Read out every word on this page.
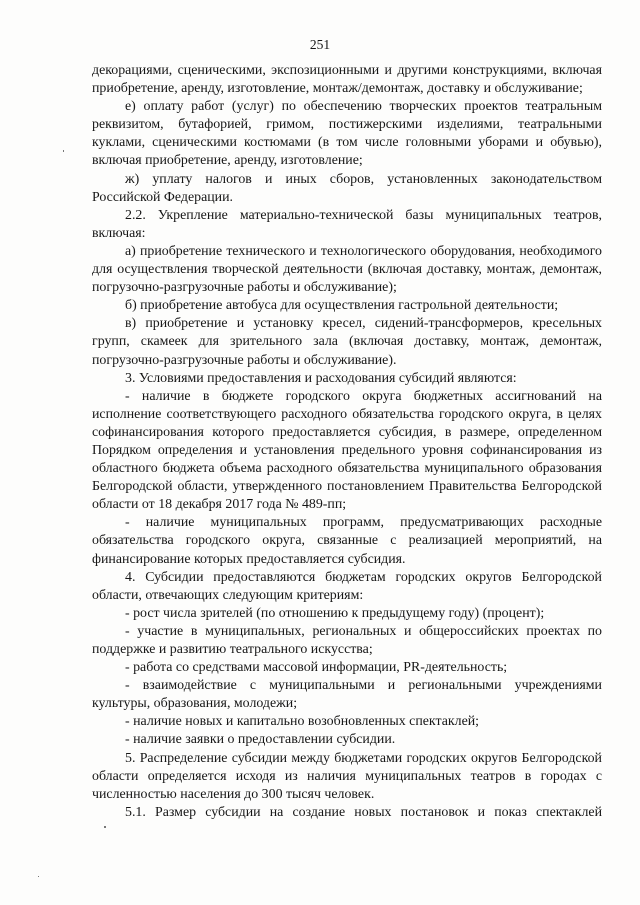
251

декорациями, сценическими, экспозиционными и другими конструкциями, включая приобретение, аренду, изготовление, монтаж/демонтаж, доставку и обслуживание;

е) оплату работ (услуг) по обеспечению творческих проектов театральным реквизитом, бутафорией, гримом, постижерскими изделиями, театральными куклами, сценическими костюмами (в том числе головными уборами и обувью), включая приобретение, аренду, изготовление;

ж) уплату налогов и иных сборов, установленных законодательством Российской Федерации.

2.2. Укрепление материально-технической базы муниципальных театров, включая:

а) приобретение технического и технологического оборудования, необходимого для осуществления творческой деятельности (включая доставку, монтаж, демонтаж, погрузочно-разгрузочные работы и обслуживание);

б) приобретение автобуса для осуществления гастрольной деятельности;

в) приобретение и установку кресел, сидений-трансформеров, кресельных групп, скамеек для зрительного зала (включая доставку, монтаж, демонтаж, погрузочно-разгрузочные работы и обслуживание).

3. Условиями предоставления и расходования субсидий являются:

- наличие в бюджете городского округа бюджетных ассигнований на исполнение соответствующего расходного обязательства городского округа, в целях софинансирования которого предоставляется субсидия, в размере, определенном Порядком определения и установления предельного уровня софинансирования из областного бюджета объема расходного обязательства муниципального образования Белгородской области, утвержденного постановлением Правительства Белгородской области от 18 декабря 2017 года № 489-пп;

- наличие муниципальных программ, предусматривающих расходные обязательства городского округа, связанные с реализацией мероприятий, на финансирование которых предоставляется субсидия.

4. Субсидии предоставляются бюджетам городских округов Белгородской области, отвечающих следующим критериям:

- рост числа зрителей (по отношению к предыдущему году) (процент);

- участие в муниципальных, региональных и общероссийских проектах по поддержке и развитию театрального искусства;

- работа со средствами массовой информации, PR-деятельность;

- взаимодействие с муниципальными и региональными учреждениями культуры, образования, молодежи;

- наличие новых и капитально возобновленных спектаклей;

- наличие заявки о предоставлении субсидии.

5. Распределение субсидии между бюджетами городских округов Белгородской области определяется исходя из наличия муниципальных театров в городах с численностью населения до 300 тысяч человек.

5.1. Размер субсидии на создание новых постановок и показ спектаклей
